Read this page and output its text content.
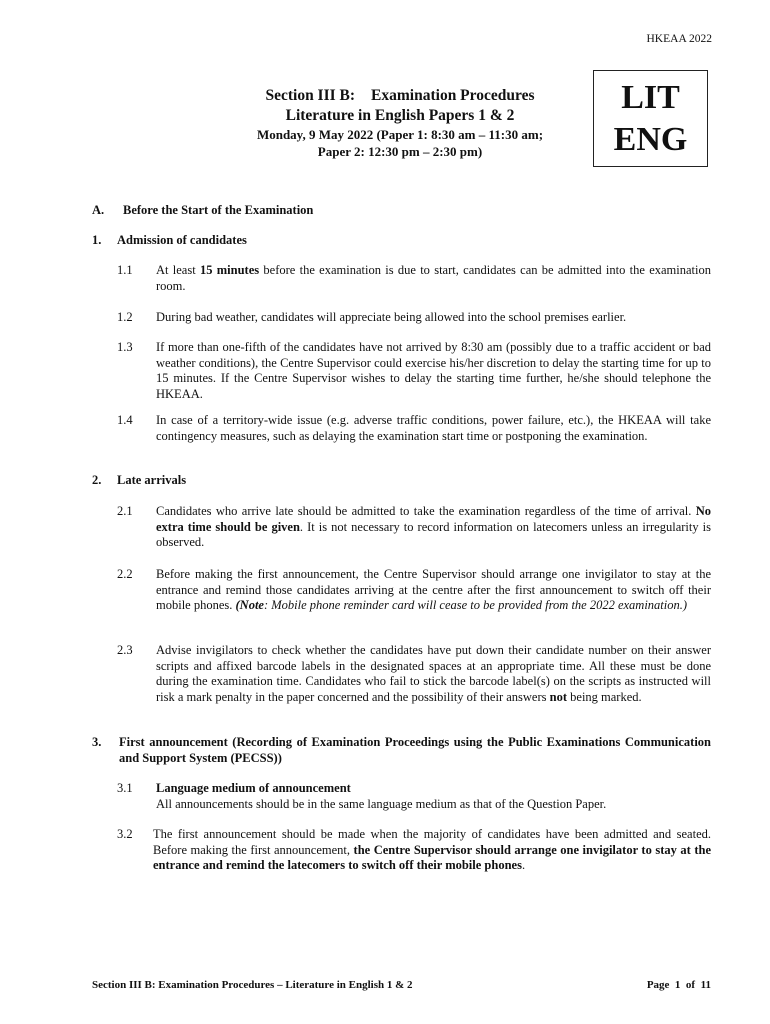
HKEAA 2022
Section III B: Examination Procedures
Literature in English Papers 1 & 2
Monday, 9 May 2022 (Paper 1: 8:30 am – 11:30 am;
Paper 2: 12:30 pm – 2:30 pm)
LIT
ENG
A. Before the Start of the Examination
1. Admission of candidates
1.1 At least 15 minutes before the examination is due to start, candidates can be admitted into the examination room.
1.2 During bad weather, candidates will appreciate being allowed into the school premises earlier.
1.3 If more than one-fifth of the candidates have not arrived by 8:30 am (possibly due to a traffic accident or bad weather conditions), the Centre Supervisor could exercise his/her discretion to delay the starting time for up to 15 minutes. If the Centre Supervisor wishes to delay the starting time further, he/she should telephone the HKEAA.
1.4 In case of a territory-wide issue (e.g. adverse traffic conditions, power failure, etc.), the HKEAA will take contingency measures, such as delaying the examination start time or postponing the examination.
2. Late arrivals
2.1 Candidates who arrive late should be admitted to take the examination regardless of the time of arrival. No extra time should be given. It is not necessary to record information on latecomers unless an irregularity is observed.
2.2 Before making the first announcement, the Centre Supervisor should arrange one invigilator to stay at the entrance and remind those candidates arriving at the centre after the first announcement to switch off their mobile phones. (Note: Mobile phone reminder card will cease to be provided from the 2022 examination.)
2.3 Advise invigilators to check whether the candidates have put down their candidate number on their answer scripts and affixed barcode labels in the designated spaces at an appropriate time. All these must be done during the examination time. Candidates who fail to stick the barcode label(s) on the scripts as instructed will risk a mark penalty in the paper concerned and the possibility of their answers not being marked.
3. First announcement (Recording of Examination Proceedings using the Public Examinations Communication and Support System (PECSS))
3.1 Language medium of announcement
All announcements should be in the same language medium as that of the Question Paper.
3.2 The first announcement should be made when the majority of candidates have been admitted and seated. Before making the first announcement, the Centre Supervisor should arrange one invigilator to stay at the entrance and remind the latecomers to switch off their mobile phones.
Section III B: Examination Procedures – Literature in English 1 & 2	Page 1 of 11
